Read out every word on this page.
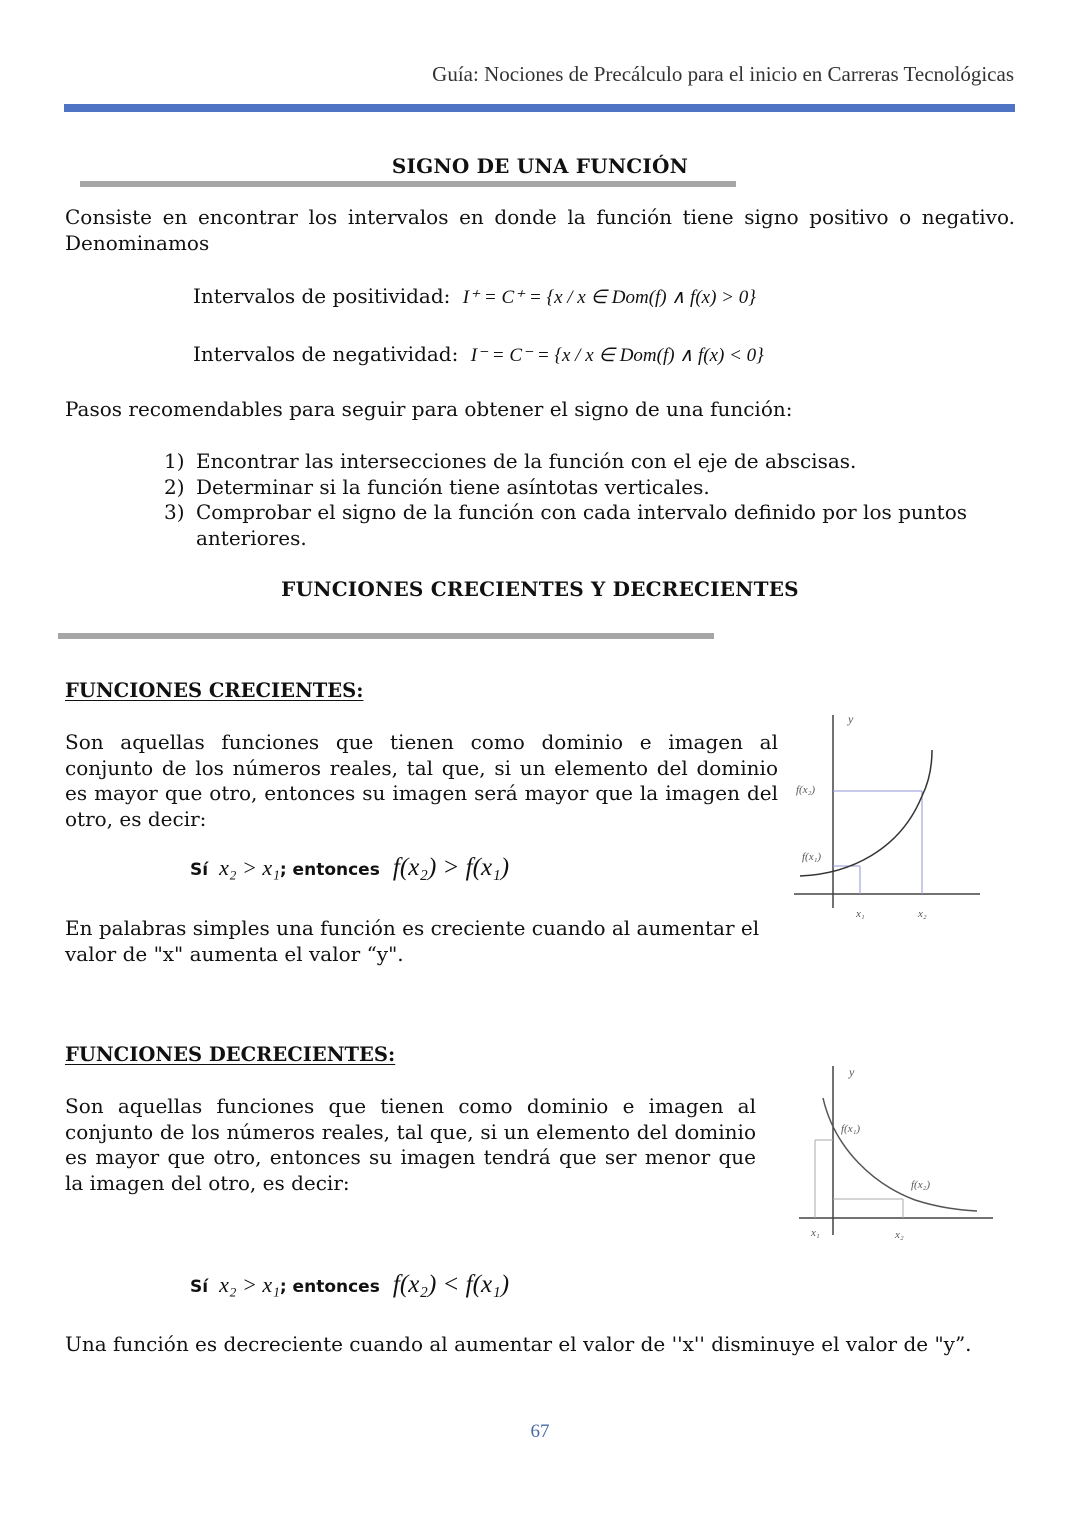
Guía: Nociones de Precálculo para el inicio en Carreras Tecnológicas
SIGNO DE UNA FUNCIÓN
Consiste en encontrar los intervalos en donde la función tiene signo positivo o negativo.
Denominamos
Intervalos de positividad: I⁺ = C⁺ = {x / x ∈ Dom(f) ∧ f(x) > 0}
Intervalos de negatividad: I⁻ = C⁻ = {x / x ∈ Dom(f) ∧ f(x) < 0}
Pasos recomendables para seguir para obtener el signo de una función:
1) Encontrar las intersecciones de la función con el eje de abscisas.
2) Determinar si la función tiene asíntotas verticales.
3) Comprobar el signo de la función con cada intervalo definido por los puntos anteriores.
FUNCIONES CRECIENTES Y DECRECIENTES
FUNCIONES CRECIENTES:
Son aquellas funciones que tienen como dominio e imagen al conjunto de los números reales, tal que, si un elemento del dominio es mayor que otro, entonces su imagen será mayor que la imagen del otro, es decir:
Sí x₂ > x₁; entonces f(x₂) > f(x₁)
En palabras simples una función es creciente cuando al aumentar el valor de "x" aumenta el valor “y".
y
f(x₂)
f(x₁)
x₁	x₂
FUNCIONES DECRECIENTES:
Son aquellas funciones que tienen como dominio e imagen al conjunto de los números reales, tal que, si un elemento del dominio es mayor que otro, entonces su imagen tendrá que ser menor que la imagen del otro, es decir:
Sí x₂ > x₁; entonces f(x₂) < f(x₁)
Una función es decreciente cuando al aumentar el valor de ''x'' disminuye el valor de "y”.
y
f(x₁)
f(x₂)
x₁	x₂
67
